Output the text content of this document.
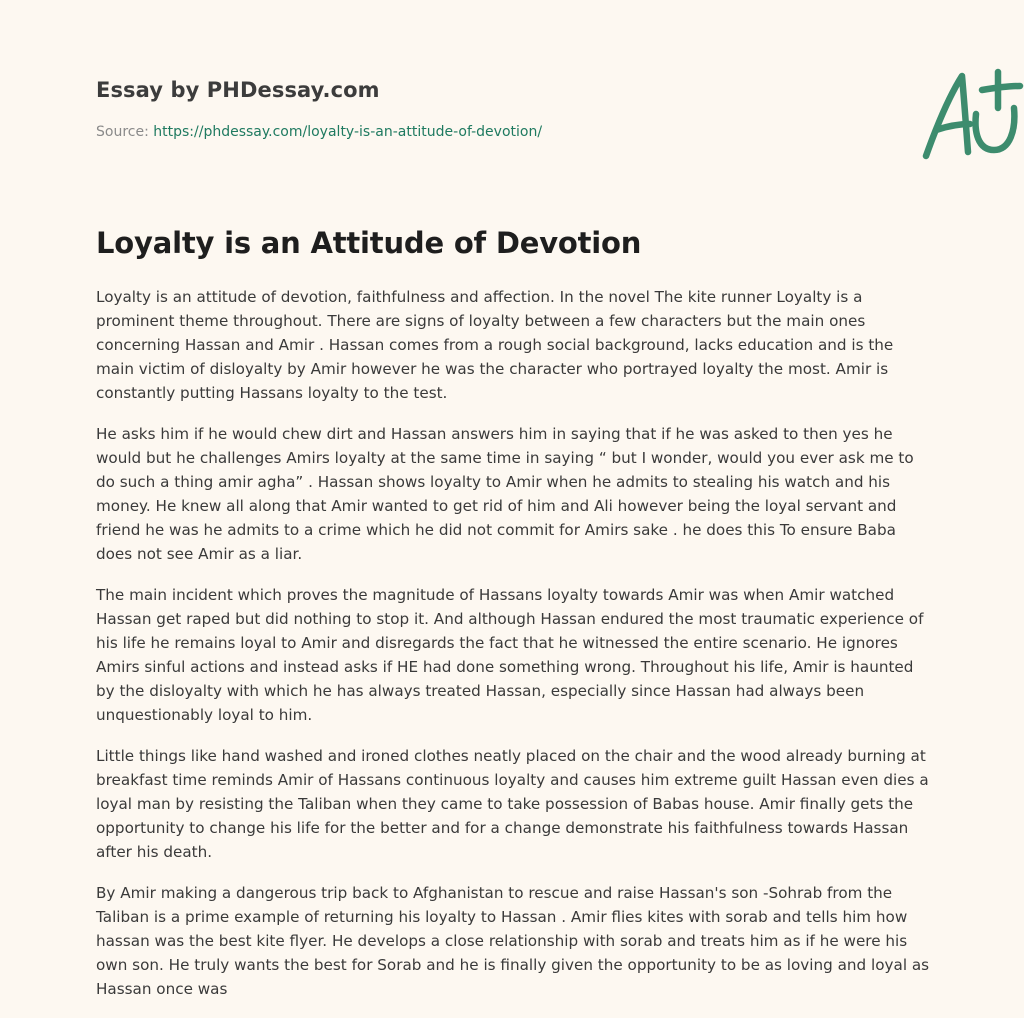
Essay by PHDessay.com
Source: https://phdessay.com/loyalty-is-an-attitude-of-devotion/
Loyalty is an Attitude of Devotion

Loyalty is an attitude of devotion, faithfulness and affection. In the novel The kite runner Loyalty is a prominent theme throughout. There are signs of loyalty between a few characters but the main ones concerning Hassan and Amir . Hassan comes from a rough social background, lacks education and is the main victim of disloyalty by Amir however he was the character who portrayed loyalty the most. Amir is constantly putting Hassans loyalty to the test.

He asks him if he would chew dirt and Hassan answers him in saying that if he was asked to then yes he would but he challenges Amirs loyalty at the same time in saying “ but I wonder, would you ever ask me to do such a thing amir agha” . Hassan shows loyalty to Amir when he admits to stealing his watch and his money. He knew all along that Amir wanted to get rid of him and Ali however being the loyal servant and friend he was he admits to a crime which he did not commit for Amirs sake . he does this To ensure Baba does not see Amir as a liar.

The main incident which proves the magnitude of Hassans loyalty towards Amir was when Amir watched Hassan get raped but did nothing to stop it. And although Hassan endured the most traumatic experience of his life he remains loyal to Amir and disregards the fact that he witnessed the entire scenario. He ignores Amirs sinful actions and instead asks if HE had done something wrong. Throughout his life, Amir is haunted by the disloyalty with which he has always treated Hassan, especially since Hassan had always been unquestionably loyal to him.

Little things like hand washed and ironed clothes neatly placed on the chair and the wood already burning at breakfast time reminds Amir of Hassans continuous loyalty and causes him extreme guilt Hassan even dies a loyal man by resisting the Taliban when they came to take possession of Babas house. Amir finally gets the opportunity to change his life for the better and for a change demonstrate his faithfulness towards Hassan after his death.

By Amir making a dangerous trip back to Afghanistan to rescue and raise Hassan's son -Sohrab from the Taliban is a prime example of returning his loyalty to Hassan . Amir flies kites with sorab and tells him how hassan was the best kite flyer. He develops a close relationship with sorab and treats him as if he were his own son. He truly wants the best for Sorab and he is finally given the opportunity to be as loving and loyal as Hassan once was
